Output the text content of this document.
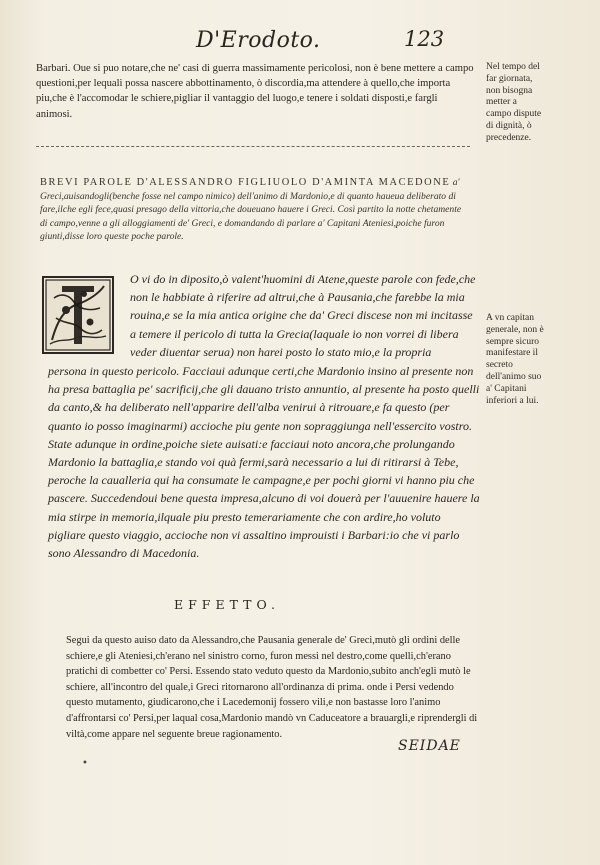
D'Erodoto.	123

Barbari. Oue si puo notare,che ne' casi di guerra massimamente pericolosi, non è bene mettere a campo questioni,per lequali possa nascere abbottinamento, ò discordia,ma attendere à quello,che importa piu,che è l'accomodar le schiere,pigliar il vantaggio del luogo,e tenere i soldati disposti,e fargli animosi.

BREVI PAROLE D'ALESSANDRO FIGLIUOLO D'AMINTA MACEDONE a' Greci,auisandogli(benche fosse nel campo nimico) dell'animo di Mardonio,e di quanto haueua deliberato di fare,ilche egli fece,quasi presago della vittoria,che doueuano hauere i Greci. Così partito la notte chetamente di campo,venne a gli alloggiamenti de' Greci, e domandando di parlare a' Capitani Ateniesi,poiche furon giunti,disse loro queste poche parole.

O vi do in diposito,ò valent'huomini di Atene,queste parole con fede,che non le habbiate à riferire ad altrui,che à Pausania,che farebbe la mia rouina,e se la mia antica origine che da' Greci discese non mi incitasse a temere il pericolo di tutta la Grecia(laquale io non vorrei di libera veder diuentar serua) non harei posto lo stato mio,e la propria

persona in questo pericolo. Facciaui adunque certi,che Mardonio insino al presente non ha presa battaglia pe' sacrificij,che gli dauano tristo annuntio, al presente ha posto quelli da canto,& ha deliberato nell'apparire dell'alba venirui à ritrouare,e fa questo (per quanto io posso imaginarmi) accioche piu gente non sopraggiunga nell'essercito vostro. State adunque in ordine,poiche siete auisati:e facciaui noto ancora,che prolungando Mardonio la battaglia,e stando voi quà fermi,sarà necessario a lui di ritirarsi à Tebe, peroche la caualleria qui ha consumate le campagne,e per pochi giorni vi hanno piu che pascere. Succedendoui bene questa impresa,alcuno di voi douerà per l'auuenire hauere la mia stirpe in memoria,ilquale piu presto temerariamente che con ardire,ho voluto pigliare questo viaggio, accioche non vi assaltino improuisti i Barbari:io che vi parlo sono Alessandro di Macedonia.

Nel tempo del far giornata, non bisogna metter a campo dispute di dignità, ò precedenze.

A vn capitan generale, non è sempre sicuro manifestare il secreto dell'animo suo a' Capitani inferiori a lui.

EFFETTO.

Segui da questo auiso dato da Alessandro,che Pausania generale de' Greci,mutò gli ordini delle schiere,e gli Ateniesi,ch'erano nel sinistro corno, furon messi nel destro,come quelli,ch'erano pratichi di combetter co' Persi. Essendo stato veduto questo da Mardonio,subito anch'egli mutò le schiere, all'incontro del quale,i Greci ritornarono all'ordinanza di prima. onde i Persi vedendo questo mutamento, giudicarono,che i Lacedemonij fossero vili,e non bastasse loro l'animo d'affrontarsi co' Persi,per laqual cosa,Mardonio mandò vn Caduceatore a brauargli,e riprendergli di viltà,come appare nel seguente breue ragionamento.

SEIDAE
•
